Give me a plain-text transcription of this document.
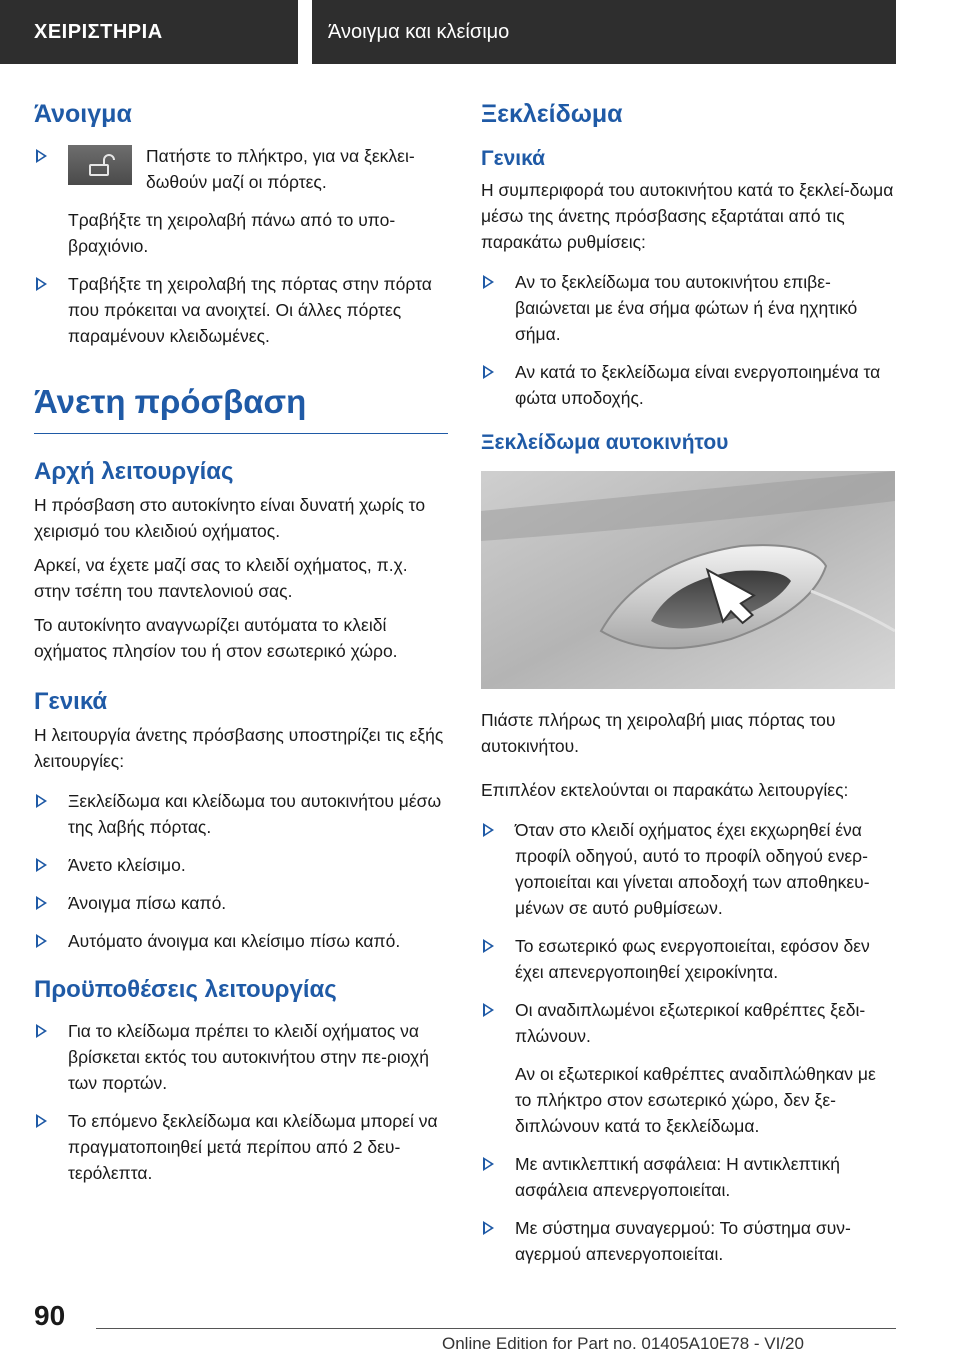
ΧΕΙΡΙΣΤΗΡΙΑ	Άνοιγμα και κλείσιμο
Άνοιγμα
Πατήστε το πλήκτρο, για να ξεκλει‐δωθούν μαζί οι πόρτες.
Τραβήξτε τη χειρολαβή πάνω από το υπο‐βραχιόνιο.
Τραβήξτε τη χειρολαβή της πόρτας στην πόρτα που πρόκειται να ανοιχτεί. Οι άλλες πόρτες παραμένουν κλειδωμένες.
Άνετη πρόσβαση
Αρχή λειτουργίας
Η πρόσβαση στο αυτοκίνητο είναι δυνατή χωρίς το χειρισμό του κλειδιού οχήματος.
Αρκεί, να έχετε μαζί σας το κλειδί οχήματος, π.χ. στην τσέπη του παντελονιού σας.
Το αυτοκίνητο αναγνωρίζει αυτόματα το κλειδί οχήματος πλησίον του ή στον εσωτερικό χώρο.
Γενικά
Η λειτουργία άνετης πρόσβασης υποστηρίζει τις εξής λειτουργίες:
Ξεκλείδωμα και κλείδωμα του αυτοκινήτου μέσω της λαβής πόρτας.
Άνετο κλείσιμο.
Άνοιγμα πίσω καπό.
Αυτόματο άνοιγμα και κλείσιμο πίσω καπό.
Προϋποθέσεις λειτουργίας
Για το κλείδωμα πρέπει το κλειδί οχήματος να βρίσκεται εκτός του αυτοκινήτου στην πε‐ριοχή των πορτών.
Το επόμενο ξεκλείδωμα και κλείδωμα μπορεί να πραγματοποιηθεί μετά περίπου από 2 δευ‐τερόλεπτα.
Ξεκλείδωμα
Γενικά
Η συμπεριφορά του αυτοκινήτου κατά το ξεκλεί‐δωμα μέσω της άνετης πρόσβασης εξαρτάται από τις παρακάτω ρυθμίσεις:
Αν το ξεκλείδωμα του αυτοκινήτου επιβε‐βαιώνεται με ένα σήμα φώτων ή ένα ηχητικό σήμα.
Αν κατά το ξεκλείδωμα είναι ενεργοποιημένα τα φώτα υποδοχής.
Ξεκλείδωμα αυτοκινήτου
Πιάστε πλήρως τη χειρολαβή μιας πόρτας του αυτοκινήτου.
Επιπλέον εκτελούνται οι παρακάτω λειτουργίες:
Όταν στο κλειδί οχήματος έχει εκχωρηθεί ένα προφίλ οδηγού, αυτό το προφίλ οδηγού ενερ‐γοποιείται και γίνεται αποδοχή των αποθηκευ‐μένων σε αυτό ρυθμίσεων.
Το εσωτερικό φως ενεργοποιείται, εφόσον δεν έχει απενεργοποιηθεί χειροκίνητα.
Οι αναδιπλωμένοι εξωτερικοί καθρέπτες ξεδι‐πλώνουν.
Αν οι εξωτερικοί καθρέπτες αναδιπλώθηκαν με το πλήκτρο στον εσωτερικό χώρο, δεν ξε‐διπλώνουν κατά το ξεκλείδωμα.
Με αντικλεπτική ασφάλεια: Η αντικλεπτική ασφάλεια απενεργοποιείται.
Με σύστημα συναγερμού: Το σύστημα συν‐αγερμού απενεργοποιείται.
90
Online Edition for Part no. 01405A10E78 - VI/20
